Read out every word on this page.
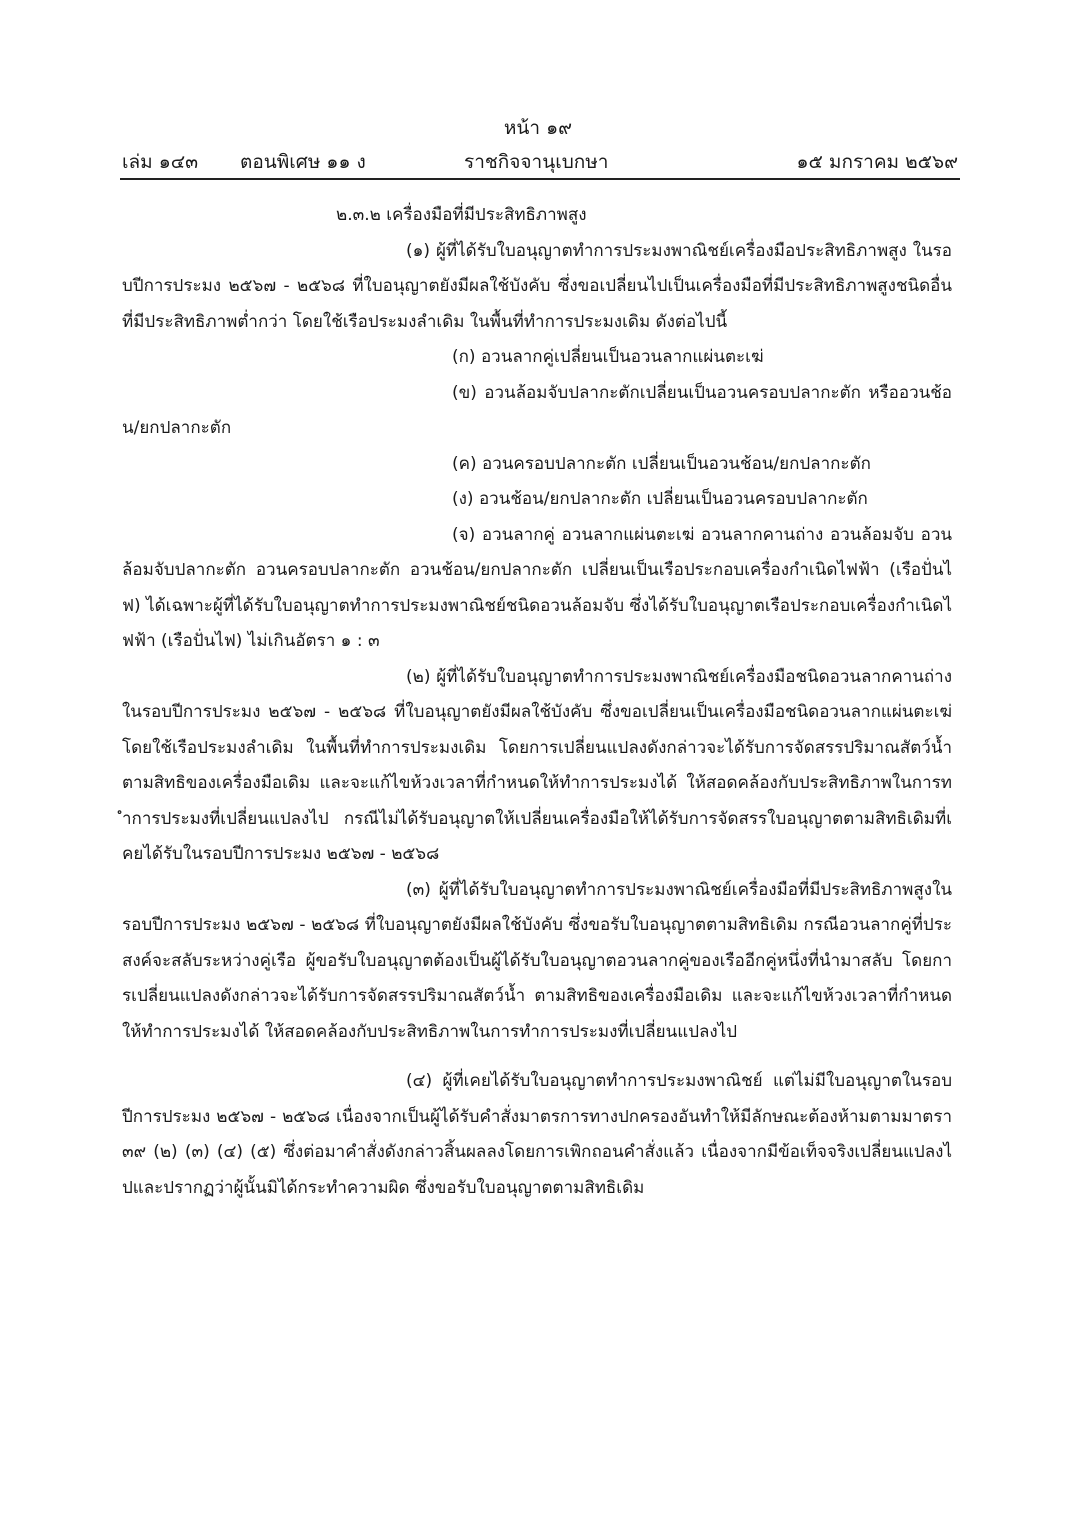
หน้า ๑๙
เล่ม ๑๔๓ ตอนพิเศษ ๑๑ ง	ราชกิจจานุเบกษา	๑๕ มกราคม ๒๕๖๙

๒.๓.๒ เครื่องมือที่มีประสิทธิภาพสูง

(๑) ผู้ที่ได้รับใบอนุญาตทำการประมงพาณิชย์เครื่องมือประสิทธิภาพสูง ในรอบปีการประมง ๒๕๖๗ - ๒๕๖๘ ที่ใบอนุญาตยังมีผลใช้บังคับ ซึ่งขอเปลี่ยนไปเป็นเครื่องมือที่มีประสิทธิภาพสูงชนิดอื่นที่มีประสิทธิภาพต่ำกว่า โดยใช้เรือประมงลำเดิม ในพื้นที่ทำการประมงเดิม ดังต่อไปนี้

(ก) อวนลากคู่เปลี่ยนเป็นอวนลากแผ่นตะเฆ่

(ข) อวนล้อมจับปลากะตักเปลี่ยนเป็นอวนครอบปลากะตัก หรืออวนช้อน/ยกปลากะตัก

(ค) อวนครอบปลากะตัก เปลี่ยนเป็นอวนช้อน/ยกปลากะตัก

(ง) อวนช้อน/ยกปลากะตัก เปลี่ยนเป็นอวนครอบปลากะตัก

(จ) อวนลากคู่ อวนลากแผ่นตะเฆ่ อวนลากคานถ่าง อวนล้อมจับ อวนล้อมจับปลากะตัก อวนครอบปลากะตัก อวนช้อน/ยกปลากะตัก เปลี่ยนเป็นเรือประกอบเครื่องกำเนิดไฟฟ้า (เรือปั่นไฟ) ได้เฉพาะผู้ที่ได้รับใบอนุญาตทำการประมงพาณิชย์ชนิดอวนล้อมจับ ซึ่งได้รับใบอนุญาตเรือประกอบเครื่องกำเนิดไฟฟ้า (เรือปั่นไฟ) ไม่เกินอัตรา ๑ : ๓

(๒) ผู้ที่ได้รับใบอนุญาตทำการประมงพาณิชย์เครื่องมือชนิดอวนลากคานถ่างในรอบปีการประมง ๒๕๖๗ - ๒๕๖๘ ที่ใบอนุญาตยังมีผลใช้บังคับ ซึ่งขอเปลี่ยนเป็นเครื่องมือชนิดอวนลากแผ่นตะเฆ่ โดยใช้เรือประมงลำเดิม ในพื้นที่ทำการประมงเดิม โดยการเปลี่ยนแปลงดังกล่าวจะได้รับการจัดสรรปริมาณสัตว์น้ำ ตามสิทธิของเครื่องมือเดิม และจะแก้ไขห้วงเวลาที่กำหนดให้ทำการประมงได้ ให้สอดคล้องกับประสิทธิภาพในการทำการประมงที่เปลี่ยนแปลงไป กรณีไม่ได้รับอนุญาตให้เปลี่ยนเครื่องมือให้ได้รับการจัดสรรใบอนุญาตตามสิทธิเดิมที่เคยได้รับในรอบปีการประมง ๒๕๖๗ - ๒๕๖๘

(๓) ผู้ที่ได้รับใบอนุญาตทำการประมงพาณิชย์เครื่องมือที่มีประสิทธิภาพสูงในรอบปีการประมง ๒๕๖๗ - ๒๕๖๘ ที่ใบอนุญาตยังมีผลใช้บังคับ ซึ่งขอรับใบอนุญาตตามสิทธิเดิม กรณีอวนลากคู่ที่ประสงค์จะสลับระหว่างคู่เรือ ผู้ขอรับใบอนุญาตต้องเป็นผู้ได้รับใบอนุญาตอวนลากคู่ของเรืออีกคู่หนึ่งที่นำมาสลับ โดยการเปลี่ยนแปลงดังกล่าวจะได้รับการจัดสรรปริมาณสัตว์น้ำ ตามสิทธิของเครื่องมือเดิม และจะแก้ไขห้วงเวลาที่กำหนดให้ทำการประมงได้ ให้สอดคล้องกับประสิทธิภาพในการทำการประมงที่เปลี่ยนแปลงไป

(๔) ผู้ที่เคยได้รับใบอนุญาตทำการประมงพาณิชย์ แต่ไม่มีใบอนุญาตในรอบปีการประมง ๒๕๖๗ - ๒๕๖๘ เนื่องจากเป็นผู้ได้รับคำสั่งมาตรการทางปกครองอันทำให้มีลักษณะต้องห้ามตามมาตรา ๓๙ (๒) (๓) (๔) (๕) ซึ่งต่อมาคำสั่งดังกล่าวสิ้นผลลงโดยการเพิกถอนคำสั่งแล้ว เนื่องจากมีข้อเท็จจริงเปลี่ยนแปลงไปและปรากฏว่าผู้นั้นมิได้กระทำความผิด ซึ่งขอรับใบอนุญาตตามสิทธิเดิม
